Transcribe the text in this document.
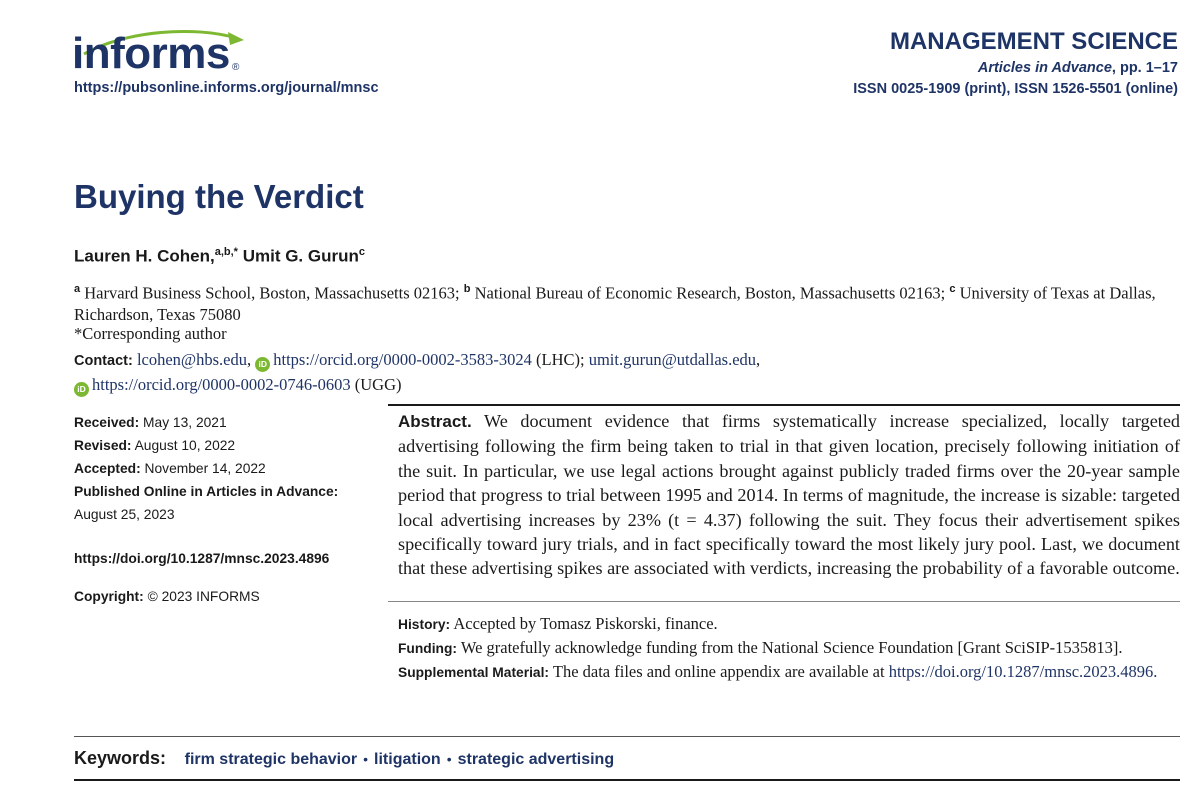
informs ®
https://pubsonline.informs.org/journal/mnsc
MANAGEMENT SCIENCE
Articles in Advance, pp. 1–17
ISSN 0025-1909 (print), ISSN 1526-5501 (online)
Buying the Verdict
Lauren H. Cohen,$^{a,b,*}$ Umit G. Gurun$^c$
$^a$ Harvard Business School, Boston, Massachusetts 02163; $^b$ National Bureau of Economic Research, Boston, Massachusetts 02163; $^c$ University of Texas at Dallas, Richardson, Texas 75080
*Corresponding author
Contact: lcohen@hbs.edu, iD https://orcid.org/0000-0002-3583-3024 (LHC); umit.gurun@utdallas.edu,
iD https://orcid.org/0000-0002-0746-0603 (UGG)
Received: May 13, 2021
Revised: August 10, 2022
Accepted: November 14, 2022
Published Online in Articles in Advance:
August 25, 2023
https://doi.org/10.1287/mnsc.2023.4896
Copyright: © 2023 INFORMS
Abstract. We document evidence that firms systematically increase specialized, locally targeted advertising following the firm being taken to trial in that given location, precisely following initiation of the suit. In particular, we use legal actions brought against publicly traded firms over the 20-year sample period that progress to trial between 1995 and 2014. In terms of magnitude, the increase is sizable: targeted local advertising increases by 23% (t = 4.37) following the suit. They focus their advertisement spikes specifically toward jury trials, and in fact specifically toward the most likely jury pool. Last, we document that these advertising spikes are associated with verdicts, increasing the probability of a favorable outcome.
History: Accepted by Tomasz Piskorski, finance.
Funding: We gratefully acknowledge funding from the National Science Foundation [Grant SciSIP-1535813].
Supplemental Material: The data files and online appendix are available at https://doi.org/10.1287/mnsc.2023.4896.
Keywords: firm strategic behavior • litigation • strategic advertising
